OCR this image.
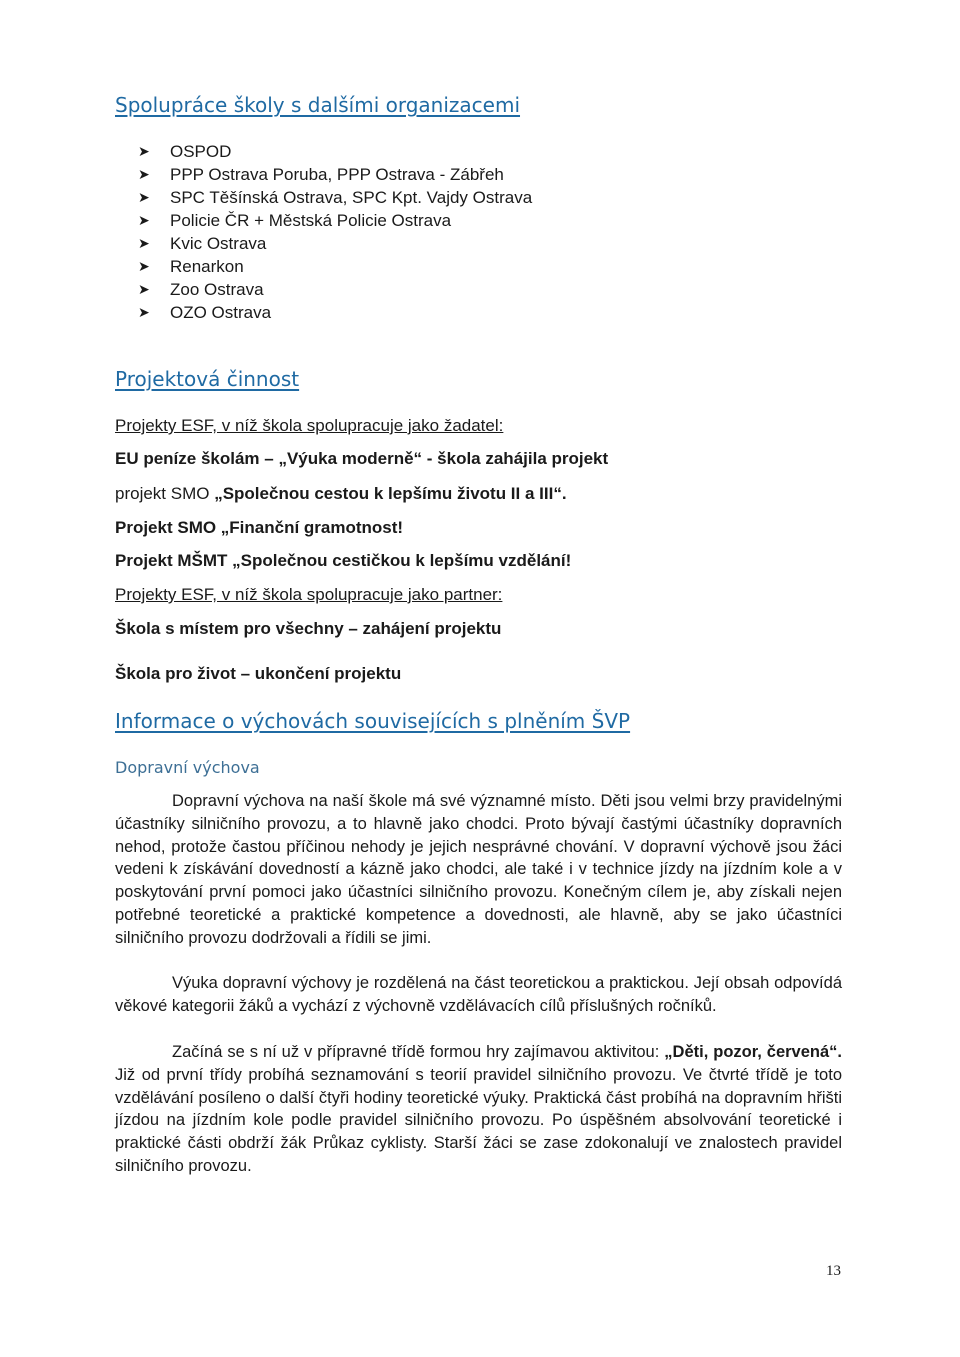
Spolupráce školy s dalšími organizacemi
➤	OSPOD
➤	PPP Ostrava Poruba, PPP Ostrava - Zábřeh
➤	SPC Těšínská Ostrava, SPC Kpt. Vajdy Ostrava
➤	Policie ČR + Městská Policie Ostrava
➤	Kvic Ostrava
➤	Renarkon
➤	Zoo Ostrava
➤	OZO Ostrava
Projektová činnost

Projekty ESF, v níž škola spolupracuje jako žadatel:

EU peníze školám – „Výuka moderně“ - škola zahájila projekt

projekt SMO „Společnou cestou k lepšímu životu II a III“.

Projekt SMO „Finanční gramotnost!

Projekt MŠMT „Společnou cestičkou k lepšímu vzdělání!

Projekty ESF, v níž škola spolupracuje jako partner:

Škola s místem pro všechny – zahájení projektu

Škola pro život – ukončení projektu

Informace o výchovách souvisejících s plněním ŠVP

Dopravní výchova

Dopravní výchova na naší škole má své významné místo. Děti jsou velmi brzy pravidelnými účastníky silničního provozu, a to hlavně jako chodci. Proto bývají častými účastníky dopravních nehod, protože častou příčinou nehody je jejich nesprávné chování. V dopravní výchově jsou žáci vedeni k získávání dovedností a kázně jako chodci, ale také i v technice jízdy na jízdním kole a v poskytování první pomoci jako účastníci silničního provozu. Konečným cílem je, aby získali nejen potřebné teoretické a praktické kompetence a dovednosti, ale hlavně, aby se jako účastníci silničního provozu dodržovali a řídili se jimi.

Výuka dopravní výchovy je rozdělená na část teoretickou a praktickou. Její obsah odpovídá věkové kategorii žáků a vychází z výchovně vzdělávacích cílů příslušných ročníků.

Začíná se s ní už v přípravné třídě formou hry zajímavou aktivitou: „Děti, pozor, červená“. Již od první třídy probíhá seznamování s teorií pravidel silničního provozu. Ve čtvrté třídě je toto vzdělávání posíleno o další čtyři hodiny teoretické výuky. Praktická část probíhá na dopravním hřišti jízdou na jízdním kole podle pravidel silničního provozu. Po úspěšném absolvování teoretické i praktické části obdrží žák Průkaz cyklisty. Starší žáci se zase zdokonalují ve znalostech pravidel silničního provozu.

13
